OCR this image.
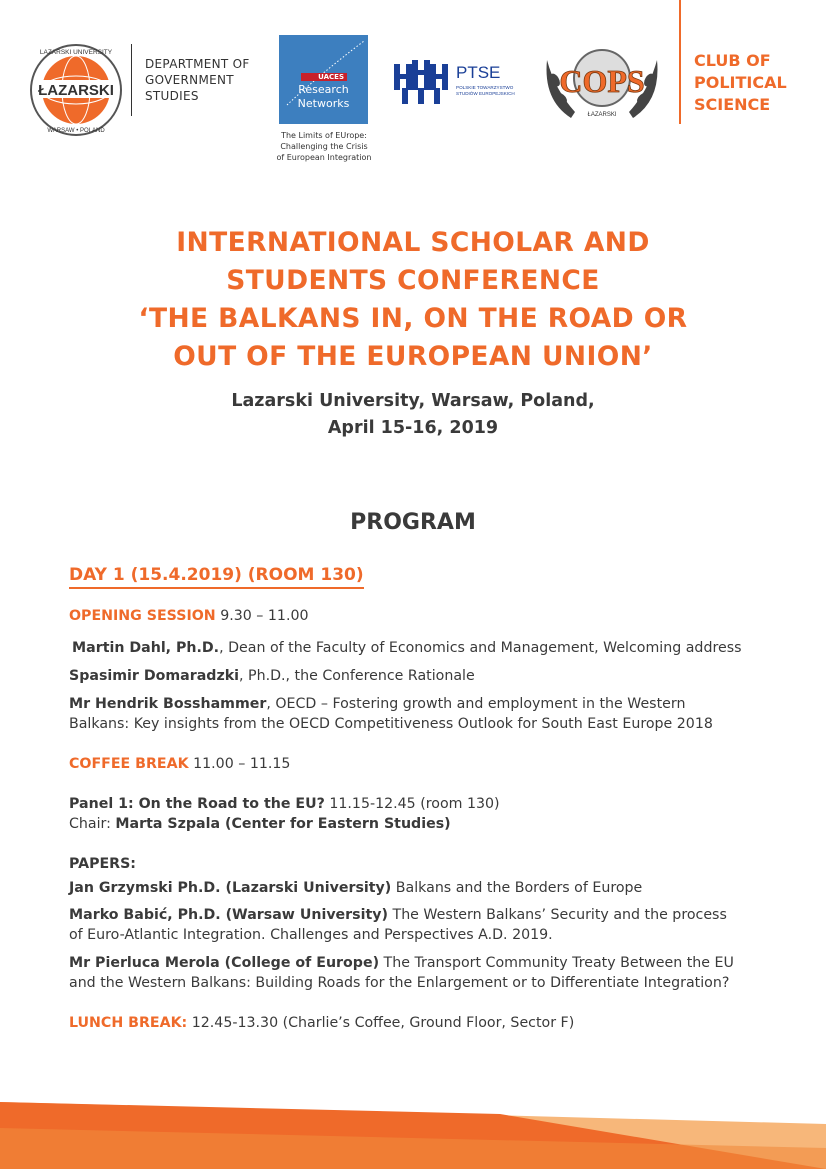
ŁAZARSKI
LAZARSKI UNIVERSITY
WARSAW • POLAND
DEPARTMENT OF
GOVERNMENT
STUDIES
UACES
Research
Networks
The Limits of EUrope:
Challenging the Crisis
of European Integration
PTSE
POLSKIE TOWARZYSTWO
STUDIÓW EUROPEJSKICH COPS
ŁAZARSKI
CLUB OF
POLITICAL
SCIENCE
INTERNATIONAL SCHOLAR AND
STUDENTS CONFERENCE
‘THE BALKANS IN, ON THE ROAD OR
OUT OF THE EUROPEAN UNION’
Lazarski University, Warsaw, Poland,
April 15-16, 2019
PROGRAM
DAY 1 (15.4.2019) (ROOM 130)
OPENING SESSION 9.30 – 11.00
Martin Dahl, Ph.D., Dean of the Faculty of Economics and Management, Welcoming address
Spasimir Domaradzki, Ph.D., the Conference Rationale
Mr Hendrik Bosshammer, OECD – Fostering growth and employment in the Western
Balkans: Key insights from the OECD Competitiveness Outlook for South East Europe 2018
COFFEE BREAK 11.00 – 11.15
Panel 1: On the Road to the EU? 11.15-12.45 (room 130)
Chair: Marta Szpala (Center for Eastern Studies)
PAPERS:
Jan Grzymski Ph.D. (Lazarski University) Balkans and the Borders of Europe
Marko Babić, Ph.D. (Warsaw University) The Western Balkans’ Security and the process
of Euro-Atlantic Integration. Challenges and Perspectives A.D. 2019.
Mr Pierluca Merola (College of Europe) The Transport Community Treaty Between the EU
and the Western Balkans: Building Roads for the Enlargement or to Differentiate Integration?
LUNCH BREAK: 12.45-13.30 (Charlie’s Coffee, Ground Floor, Sector F)
